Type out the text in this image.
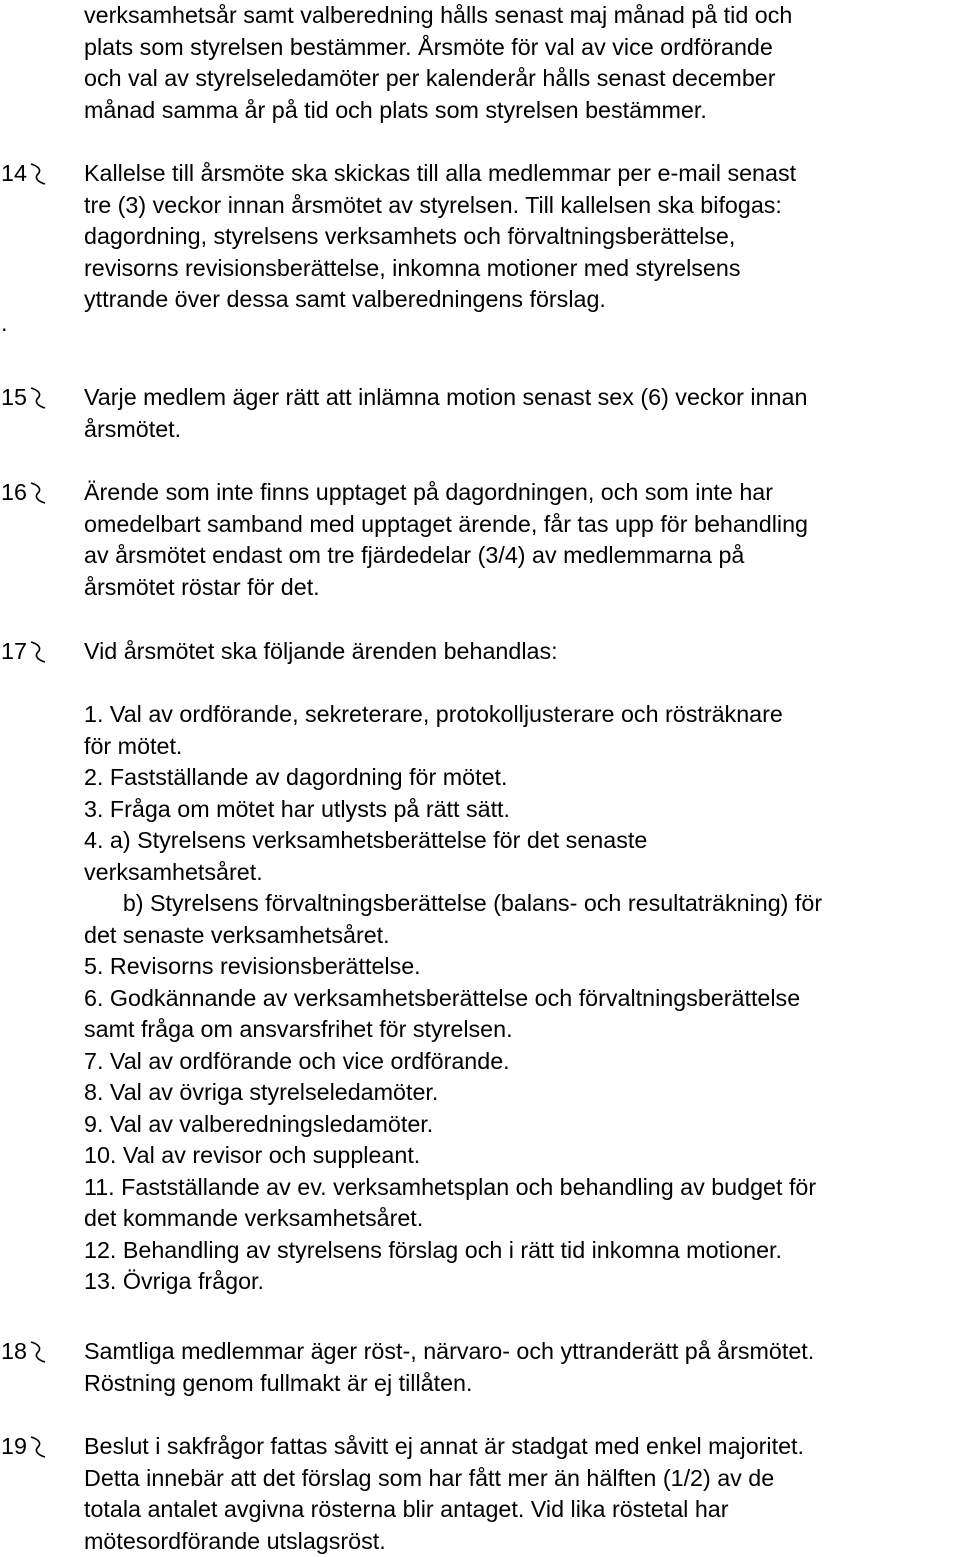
verksamhetsår samt valberedning hålls senast maj månad på tid och
plats som styrelsen bestämmer. Årsmöte för val av vice ordförande
och val av styrelseledamöter per kalenderår hålls senast december
månad samma år på tid och plats som styrelsen bestämmer.
14 Kallelse till årsmöte ska skickas till alla medlemmar per e-mail senast
tre (3) veckor innan årsmötet av styrelsen. Till kallelsen ska bifogas:
dagordning, styrelsens verksamhets och förvaltningsberättelse,
revisorns revisionsberättelse, inkomna motioner med styrelsens
yttrande över dessa samt valberedningens förslag.
.
15 Varje medlem äger rätt att inlämna motion senast sex (6) veckor innan
årsmötet.
16 Ärende som inte finns upptaget på dagordningen, och som inte har
omedelbart samband med upptaget ärende, får tas upp för behandling
av årsmötet endast om tre fjärdedelar (3/4) av medlemmarna på
årsmötet röstar för det.
17 Vid årsmötet ska följande ärenden behandlas:
1. Val av ordförande, sekreterare, protokolljusterare och rösträknare
för mötet.
2. Fastställande av dagordning för mötet.
3. Fråga om mötet har utlysts på rätt sätt.
4. a) Styrelsens verksamhetsberättelse för det senaste
verksamhetsåret.
b) Styrelsens förvaltningsberättelse (balans- och resultaträkning) för
det senaste verksamhetsåret.
5. Revisorns revisionsberättelse.
6. Godkännande av verksamhetsberättelse och förvaltningsberättelse
samt fråga om ansvarsfrihet för styrelsen.
7. Val av ordförande och vice ordförande.
8. Val av övriga styrelseledamöter.
9. Val av valberedningsledamöter.
10. Val av revisor och suppleant.
11. Fastställande av ev. verksamhetsplan och behandling av budget för
det kommande verksamhetsåret.
12. Behandling av styrelsens förslag och i rätt tid inkomna motioner.
13. Övriga frågor.
18 Samtliga medlemmar äger röst-, närvaro- och yttranderätt på årsmötet.
Röstning genom fullmakt är ej tillåten.
19 Beslut i sakfrågor fattas såvitt ej annat är stadgat med enkel majoritet.
Detta innebär att det förslag som har fått mer än hälften (1/2) av de
totala antalet avgivna rösterna blir antaget. Vid lika röstetal har
mötesordförande utslagsröst.
